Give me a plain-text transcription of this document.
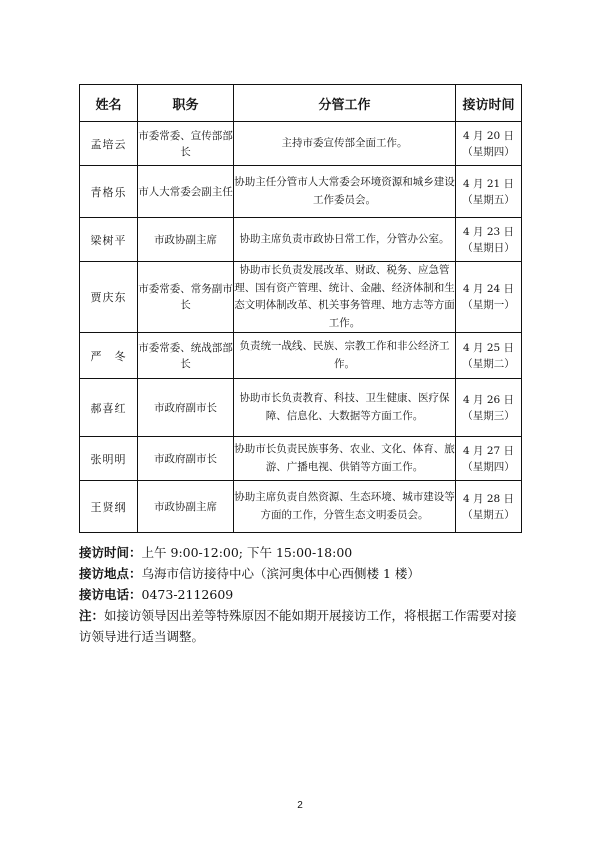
姓名	职务	分管工作	接访时间
孟培云	市委常委、宣传部部长	主持市委宣传部全面工作。	4 月 20 日
（星期四）

青格乐	市人大常委会副主任	协助主任分管市人大常委会环境资源和城乡建设工作委员会。	4 月 21 日
（星期五）

梁树平	市政协副主席	协助主席负责市政协日常工作，分管办公室。	4 月 23 日
（星期日）

贾庆东	市委常委、常务副市长	协助市长负责发展改革、财政、税务、应急管理、国有资产管理、统计、金融、经济体制和生态文明体制改革、机关事务管理、地方志等方面工作。	4 月 24 日
（星期一）

严　冬	市委常委、统战部部长	负责统一战线、民族、宗教工作和非公经济工作。	4 月 25 日
（星期二）

郝喜红	市政府副市长	协助市长负责教育、科技、卫生健康、医疗保障、信息化、大数据等方面工作。	4 月 26 日
（星期三）

张明明	市政府副市长	协助市长负责民族事务、农业、文化、体育、旅游、广播电视、供销等方面工作。	4 月 27 日
（星期四）

王贤纲	市政协副主席	协助主席负责自然资源、生态环境、城市建设等方面的工作，分管生态文明委员会。	4 月 28 日
（星期五）
接访时间：上午 9:00-12:00; 下午 15:00-18:00
接访地点：乌海市信访接待中心（滨河奥体中心西侧楼 1 楼）
接访电话：0473-2112609
注：如接访领导因出差等特殊原因不能如期开展接访工作，将根据工作需要对接访领导进行适当调整。
2
